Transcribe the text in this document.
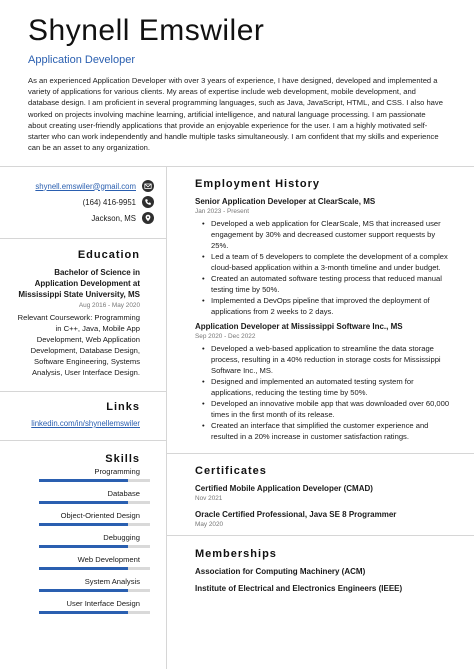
Shynell Emswiler
Application Developer

As an experienced Application Developer with over 3 years of experience, I have designed, developed and implemented a variety of applications for various clients. My areas of expertise include web development, mobile development, and database design. I am proficient in several programming languages, such as Java, JavaScript, HTML, and CSS. I also have worked on projects involving machine learning, artificial intelligence, and natural language processing. I am passionate about creating user-friendly applications that provide an enjoyable experience for the user. I am a highly motivated self-starter who can work independently and handle multiple tasks simultaneously. I am confident that my skills and experience can be an asset to any organization.

shynell.emswiler@gmail.com
(164) 416-9951
Jackson, MS
Education
Bachelor of Science in Application Development at Mississippi State University, MS
Aug 2016 - May 2020
Relevant Coursework: Programming in C++, Java, Mobile App Development, Web Application Development, Database Design, Software Engineering, Systems Analysis, User Interface Design.
Links
linkedin.com/in/shynellemswiler
Skills
Programming
Database
Object-Oriented Design
Debugging
Web Development
System Analysis
User Interface Design
Employment History
Senior Application Developer at ClearScale, MS
Jan 2023 - Present
• Developed a web application for ClearScale, MS that increased user engagement by 30% and decreased customer support requests by 25%.
• Led a team of 5 developers to complete the development of a complex cloud-based application within a 3-month timeline and under budget.
• Created an automated software testing process that reduced manual testing time by 50%.
• Implemented a DevOps pipeline that improved the deployment of applications from 2 weeks to 2 days.
Application Developer at Mississippi Software Inc., MS
Sep 2020 - Dec 2022
• Developed a web-based application to streamline the data storage process, resulting in a 40% reduction in storage costs for Mississippi Software Inc., MS.
• Designed and implemented an automated testing system for applications, reducing the testing time by 50%.
• Developed an innovative mobile app that was downloaded over 60,000 times in the first month of its release.
• Created an interface that simplified the customer experience and resulted in a 20% increase in customer satisfaction ratings.
Certificates
Certified Mobile Application Developer (CMAD)
Nov 2021
Oracle Certified Professional, Java SE 8 Programmer
May 2020
Memberships
Association for Computing Machinery (ACM)
Institute of Electrical and Electronics Engineers (IEEE)
